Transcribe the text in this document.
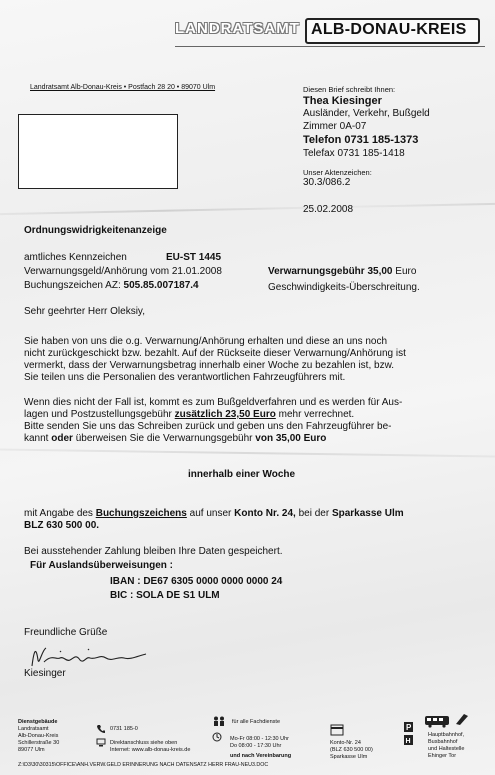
LANDRATSAMT ALB-DONAU-KREIS
Landratsamt Alb-Donau-Kreis • Postfach 28 20 • 89070 Ulm	Diesen Brief schreibt Ihnen:
Thea Kiesinger
Ausländer, Verkehr, Bußgeld
Zimmer 0A-07
Telefon 0731 185-1373
Telefax 0731 185-1418
Unser Aktenzeichen:
30.3/086.2
25.02.2008
Ordnungswidrigkeitenanzeige
amtliches Kennzeichen	EU-ST 1445
Verwarnungsgeld/Anhörung vom 21.01.2008	Verwarnungsgebühr 35,00 Euro
Buchungszeichen AZ: 505.85.007187.4	Geschwindigkeits-Überschreitung.
Sehr geehrter Herr Oleksiy,
Sie haben von uns die o.g. Verwarnung/Anhörung erhalten und diese an uns noch
nicht zurückgeschickt bzw. bezahlt. Auf der Rückseite dieser Verwarnung/Anhörung ist
vermerkt, dass der Verwarnungsbetrag innerhalb einer Woche zu bezahlen ist, bzw.
Sie teilen uns die Personalien des verantwortlichen Fahrzeugführers mit.
Wenn dies nicht der Fall ist, kommt es zum Bußgeldverfahren und es werden für Aus-
lagen und Postzustellungsgebühr zusätzlich 23,50 Euro mehr verrechnet.
Bitte senden Sie uns das Schreiben zurück und geben uns den Fahrzeugführer be-
kannt oder überweisen Sie die Verwarnungsgebühr von 35,00 Euro
innerhalb einer Woche
mit Angabe des Buchungszeichens auf unser Konto Nr. 24, bei der Sparkasse Ulm
BLZ 630 500 00.
Bei ausstehender Zahlung bleiben Ihre Daten gespeichert.
Für Auslandsüberweisungen :
IBAN : DE67 6305 0000 0000 0000 24
BIC : SOLA DE S1 ULM
Freundliche Grüße
Kiesinger
Dienstgebäude
Landratsamt
Alb-Donau-Kreis
Schillerstraße 30
89077 Ulm
0731 185-0
Direktanschluss siehe oben
Internet: www.alb-donau-kreis.de
für alle Fachdienste
Mo-Fr 08:00 - 12:30 Uhr
Do 08:00 - 17:30 Uhr
und nach Vereinbarung
Konto-Nr. 24
(BLZ 630 500 00)
Sparkasse Ulm
P
H
Hauptbahnhof,
Busbahnhof
und Haltestelle
Ehinger Tor
Z:\D3\30\30315\OFFICE\ANH.VERW.GELD ERINNERUNG NACH DATENSATZ HERR FRAU-NEU3.DOC
